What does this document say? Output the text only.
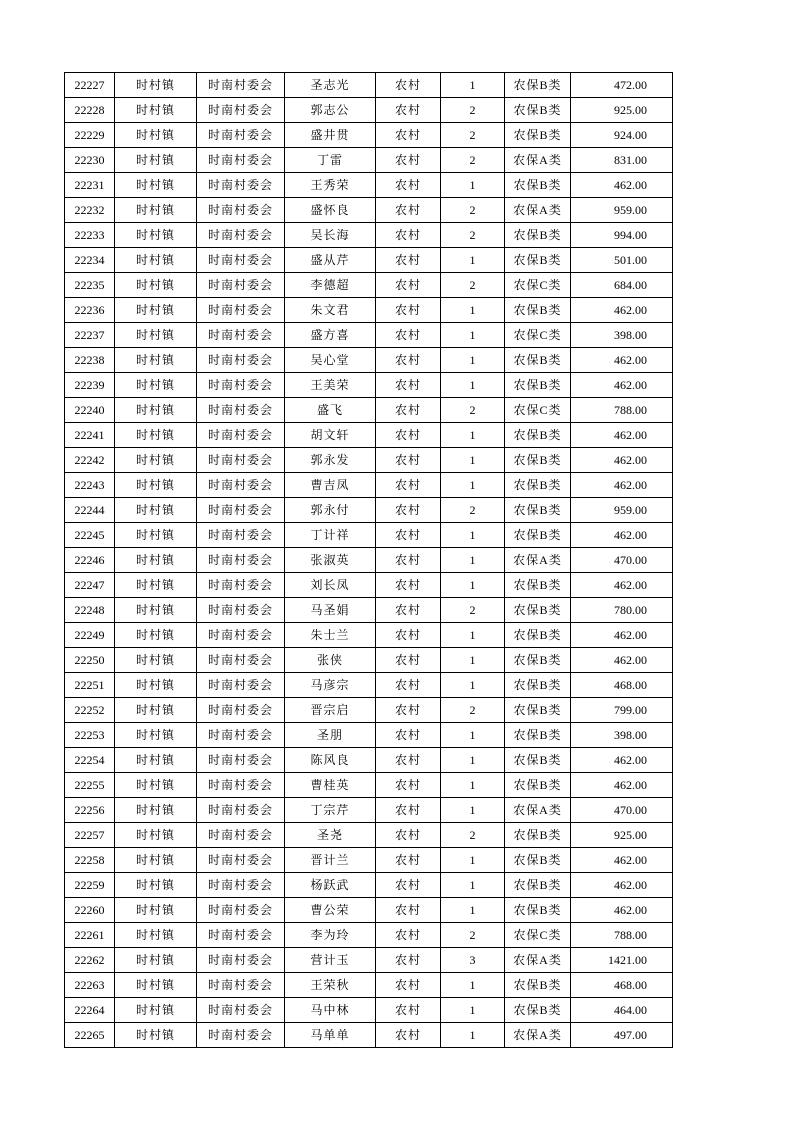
22227	时村镇	时南村委会	圣志光	农村	1	农保B类	472.00
22228	时村镇	时南村委会	郭志公	农村	2	农保B类	925.00
22229	时村镇	时南村委会	盛井贯	农村	2	农保B类	924.00
22230	时村镇	时南村委会	丁雷	农村	2	农保A类	831.00
22231	时村镇	时南村委会	王秀荣	农村	1	农保B类	462.00
22232	时村镇	时南村委会	盛怀良	农村	2	农保A类	959.00
22233	时村镇	时南村委会	吴长海	农村	2	农保B类	994.00
22234	时村镇	时南村委会	盛从芹	农村	1	农保B类	501.00
22235	时村镇	时南村委会	李德超	农村	2	农保C类	684.00
22236	时村镇	时南村委会	朱文君	农村	1	农保B类	462.00
22237	时村镇	时南村委会	盛方喜	农村	1	农保C类	398.00
22238	时村镇	时南村委会	吴心堂	农村	1	农保B类	462.00
22239	时村镇	时南村委会	王美荣	农村	1	农保B类	462.00
22240	时村镇	时南村委会	盛飞	农村	2	农保C类	788.00
22241	时村镇	时南村委会	胡文轩	农村	1	农保B类	462.00
22242	时村镇	时南村委会	郭永发	农村	1	农保B类	462.00
22243	时村镇	时南村委会	曹吉凤	农村	1	农保B类	462.00
22244	时村镇	时南村委会	郭永付	农村	2	农保B类	959.00
22245	时村镇	时南村委会	丁计祥	农村	1	农保B类	462.00
22246	时村镇	时南村委会	张淑英	农村	1	农保A类	470.00
22247	时村镇	时南村委会	刘长凤	农村	1	农保B类	462.00
22248	时村镇	时南村委会	马圣娟	农村	2	农保B类	780.00
22249	时村镇	时南村委会	朱士兰	农村	1	农保B类	462.00
22250	时村镇	时南村委会	张侠	农村	1	农保B类	462.00
22251	时村镇	时南村委会	马彦宗	农村	1	农保B类	468.00
22252	时村镇	时南村委会	晋宗启	农村	2	农保B类	799.00
22253	时村镇	时南村委会	圣朋	农村	1	农保B类	398.00
22254	时村镇	时南村委会	陈风良	农村	1	农保B类	462.00
22255	时村镇	时南村委会	曹桂英	农村	1	农保B类	462.00
22256	时村镇	时南村委会	丁宗芹	农村	1	农保A类	470.00
22257	时村镇	时南村委会	圣尧	农村	2	农保B类	925.00
22258	时村镇	时南村委会	晋计兰	农村	1	农保B类	462.00
22259	时村镇	时南村委会	杨跃武	农村	1	农保B类	462.00
22260	时村镇	时南村委会	曹公荣	农村	1	农保B类	462.00
22261	时村镇	时南村委会	李为玲	农村	2	农保C类	788.00
22262	时村镇	时南村委会	营计玉	农村	3	农保A类	1421.00
22263	时村镇	时南村委会	王荣秋	农村	1	农保B类	468.00
22264	时村镇	时南村委会	马中林	农村	1	农保B类	464.00
22265	时村镇	时南村委会	马单单	农村	1	农保A类	497.00
